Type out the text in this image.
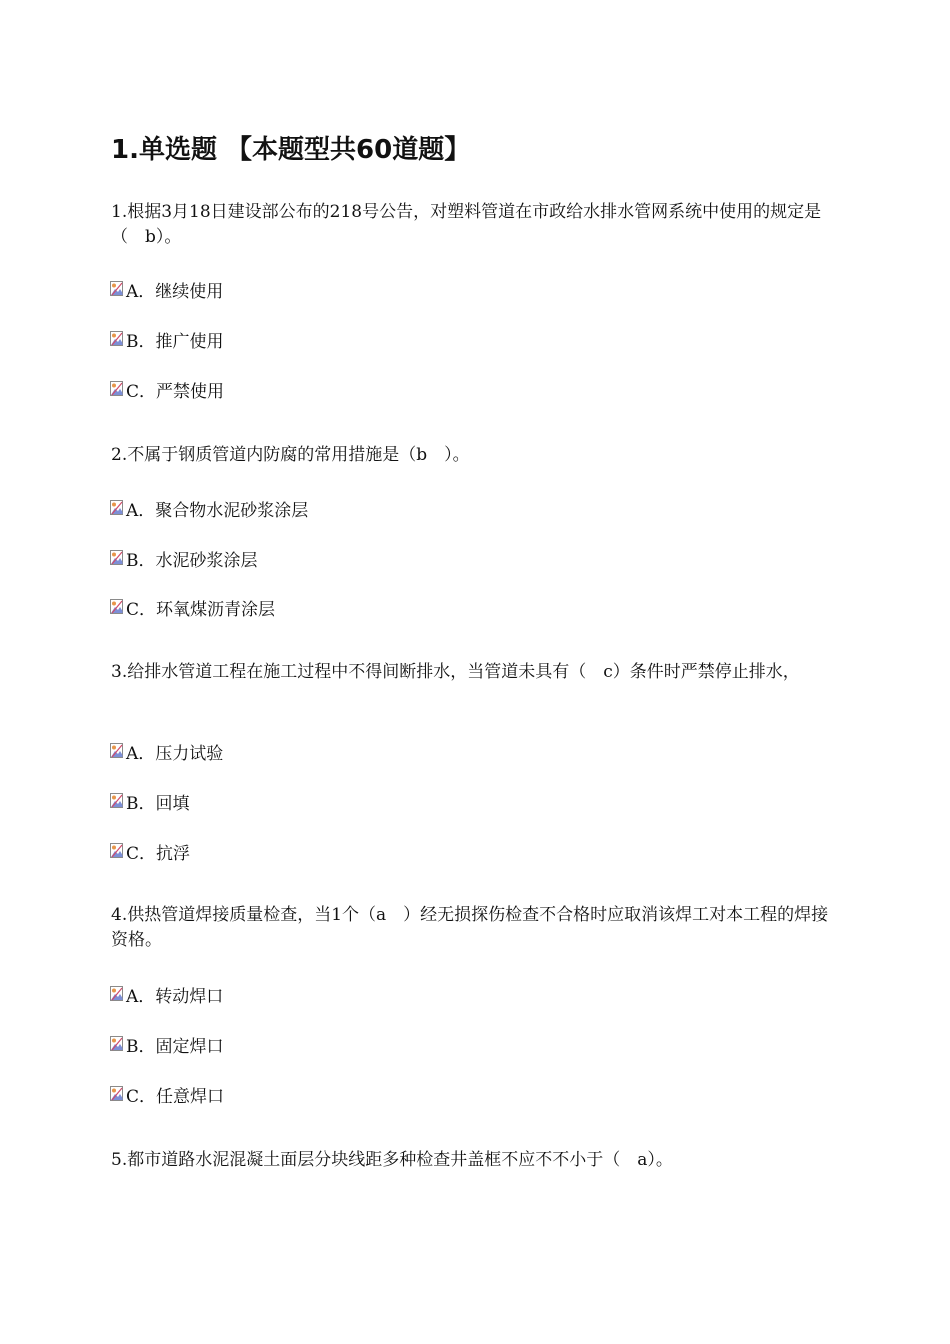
1.单选题 【本题型共60道题】
1.根据3月18日建设部公布的218号公告，对塑料管道在市政给水排水管网系统中使用的规定是（　b）。
A．继续使用
B．推广使用
C．严禁使用
2.不属于钢质管道内防腐的常用措施是（b　）。
A．聚合物水泥砂浆涂层
B．水泥砂浆涂层
C．环氧煤沥青涂层
3.给排水管道工程在施工过程中不得间断排水，当管道未具有（　c）条件时严禁停止排水，
A．压力试验
B．回填
C．抗浮
4.供热管道焊接质量检查，当1个（a　）经无损探伤检查不合格时应取消该焊工对本工程的焊接资格。
A．转动焊口
B．固定焊口
C．任意焊口
5.都市道路水泥混凝土面层分块线距多种检查井盖框不应不不小于（　a）。
